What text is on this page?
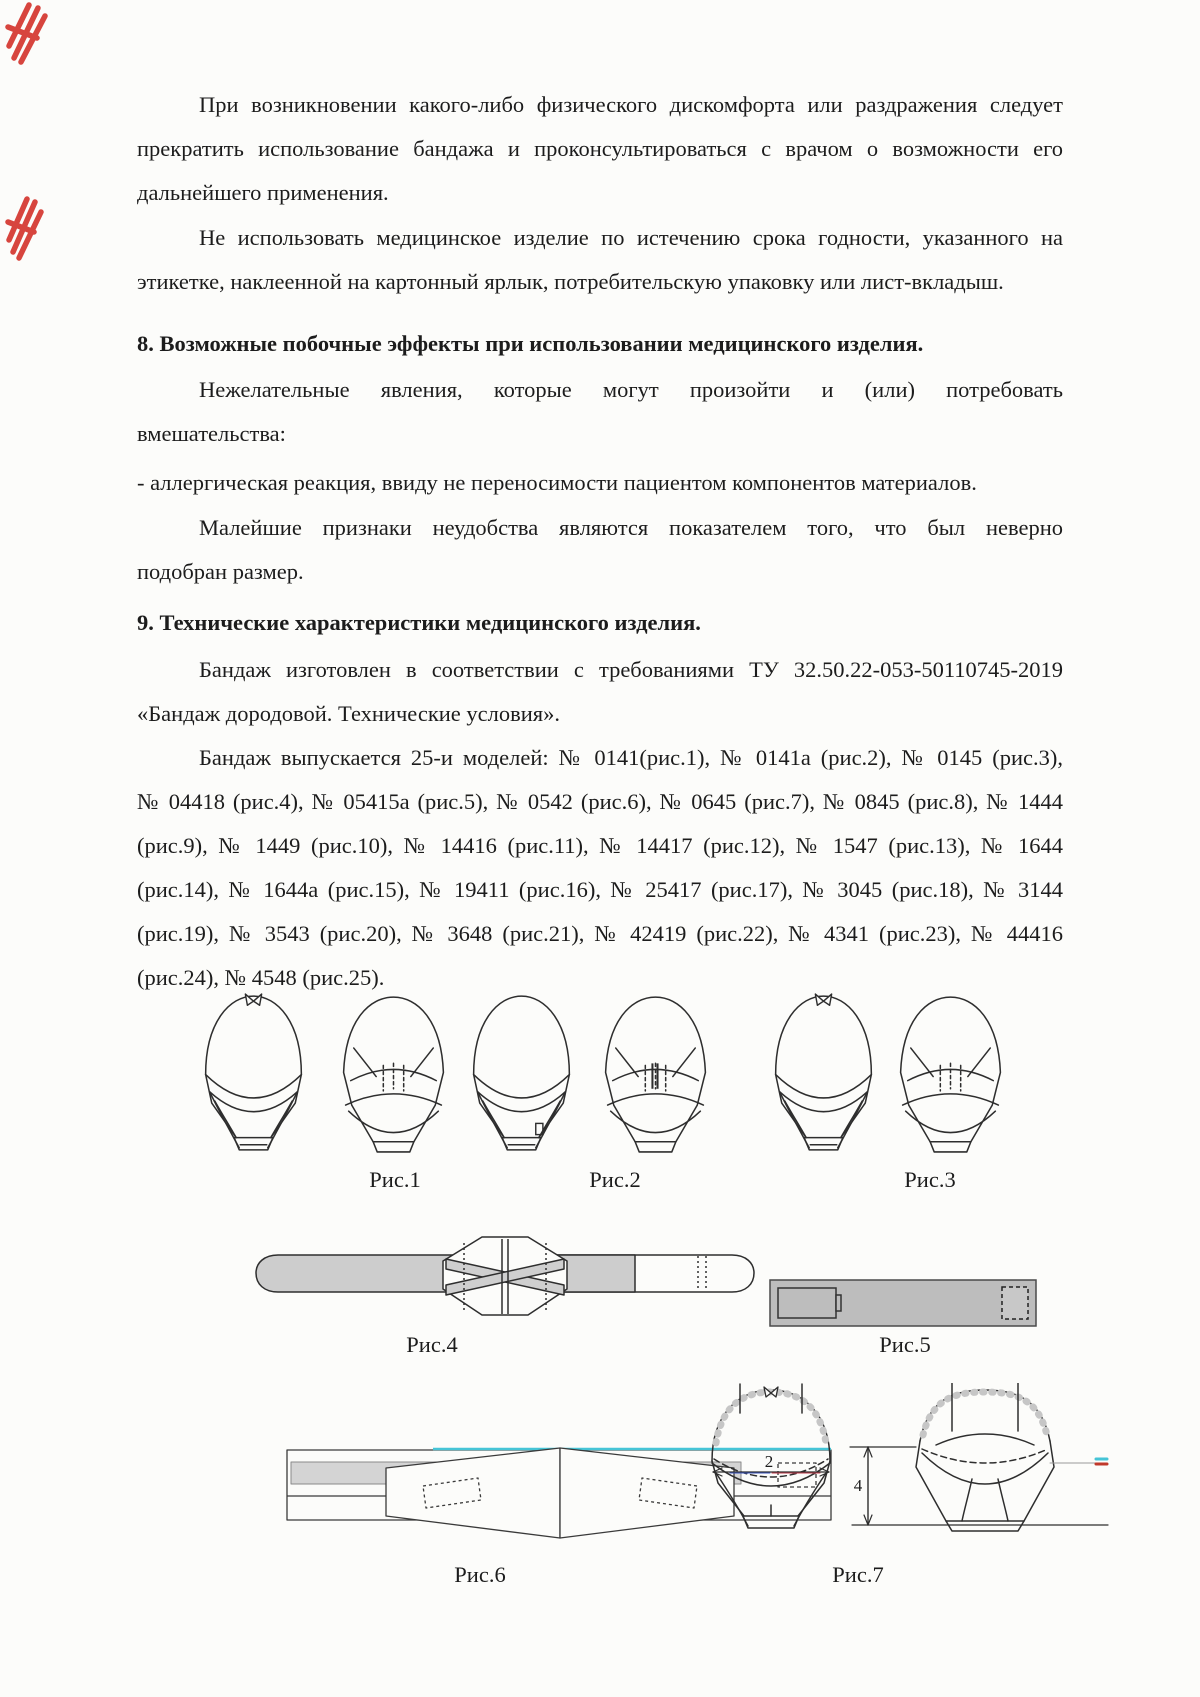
При возникновении какого-либо физического дискомфорта или раздражения следует
прекратить использование бандажа и проконсультироваться с врачом о возможности его
дальнейшего применения.
Не использовать медицинское изделие по истечению срока годности, указанного на
этикетке, наклеенной на картонный ярлык, потребительскую упаковку или лист-вкладыш.
8. Возможные побочные эффекты при использовании медицинского изделия.
Нежелательные явления, которые могут произойти и (или) потребовать
вмешательства:
- аллергическая реакция, ввиду не переносимости пациентом компонентов материалов.
Малейшие признаки неудобства являются показателем того, что был неверно
подобран размер.
9. Технические характеристики медицинского изделия.
Бандаж изготовлен в соответствии с требованиями ТУ 32.50.22-053-50110745-2019
«Бандаж дородовой. Технические условия».
Бандаж выпускается 25-и моделей: № 0141(рис.1), № 0141а (рис.2), № 0145 (рис.3),
№ 04418 (рис.4), № 05415а (рис.5), № 0542 (рис.6), № 0645 (рис.7), № 0845 (рис.8), № 1444
(рис.9), № 1449 (рис.10), № 14416 (рис.11), № 14417 (рис.12), № 1547 (рис.13), № 1644
(рис.14), № 1644а (рис.15), № 19411 (рис.16), № 25417 (рис.17), № 3045 (рис.18), № 3144
(рис.19), № 3543 (рис.20), № 3648 (рис.21), № 42419 (рис.22), № 4341 (рис.23), № 44416
(рис.24), № 4548 (рис.25).
Рис.1	Рис.2	Рис.3
Рис.4	Рис.5
2
4
Рис.6	Рис.7
